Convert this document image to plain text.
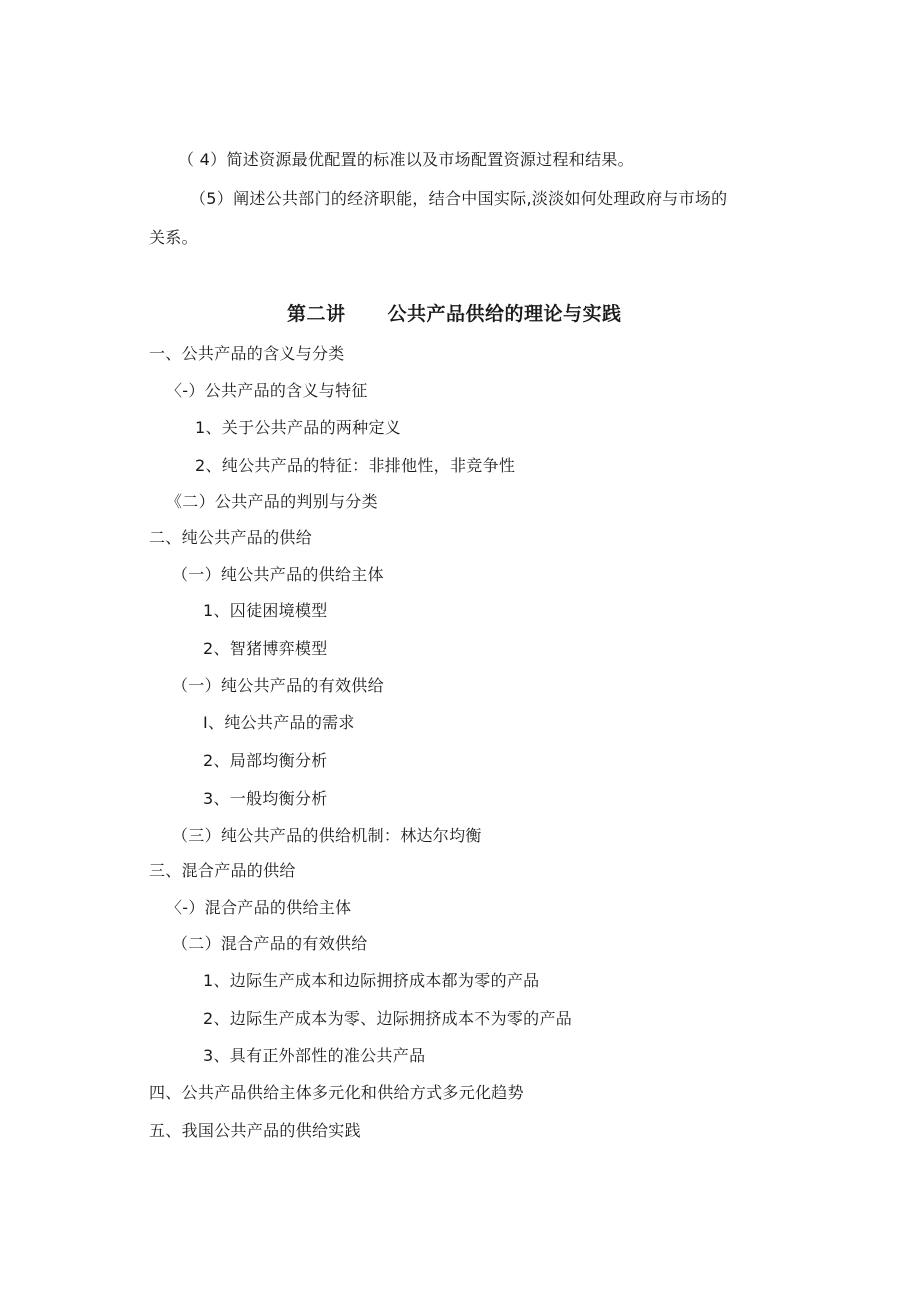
（ 4）简述资源最优配置的标准以及市场配置资源过程和结果。
（5）阐述公共部门的经济职能，结合中国实际,淡淡如何处理政府与市场的
关系。
第二讲 公共产品供给的理论与实践
一、公共产品的含义与分类
〈-）公共产品的含义与特征
1、关于公共产品的两种定义
2、纯公共产品的特征：非排他性，非竞争性
《二）公共产品的判别与分类
二、纯公共产品的供给
（一）纯公共产品的供给主体
1、囚徒困境模型
2、智猪博弈模型
（一）纯公共产品的有效供给
I、纯公共产品的需求
2、局部均衡分析
3、一般均衡分析
（三）纯公共产品的供给机制：林达尔均衡
三、混合产品的供给
〈-）混合产品的供给主体
（二）混合产品的有效供给
1、边际生产成本和边际拥挤成本都为零的产品
2、边际生产成本为零、边际拥挤成本不为零的产品
3、具有正外部性的准公共产品
四、公共产品供给主体多元化和供给方式多元化趋势
五、我国公共产品的供给实践
